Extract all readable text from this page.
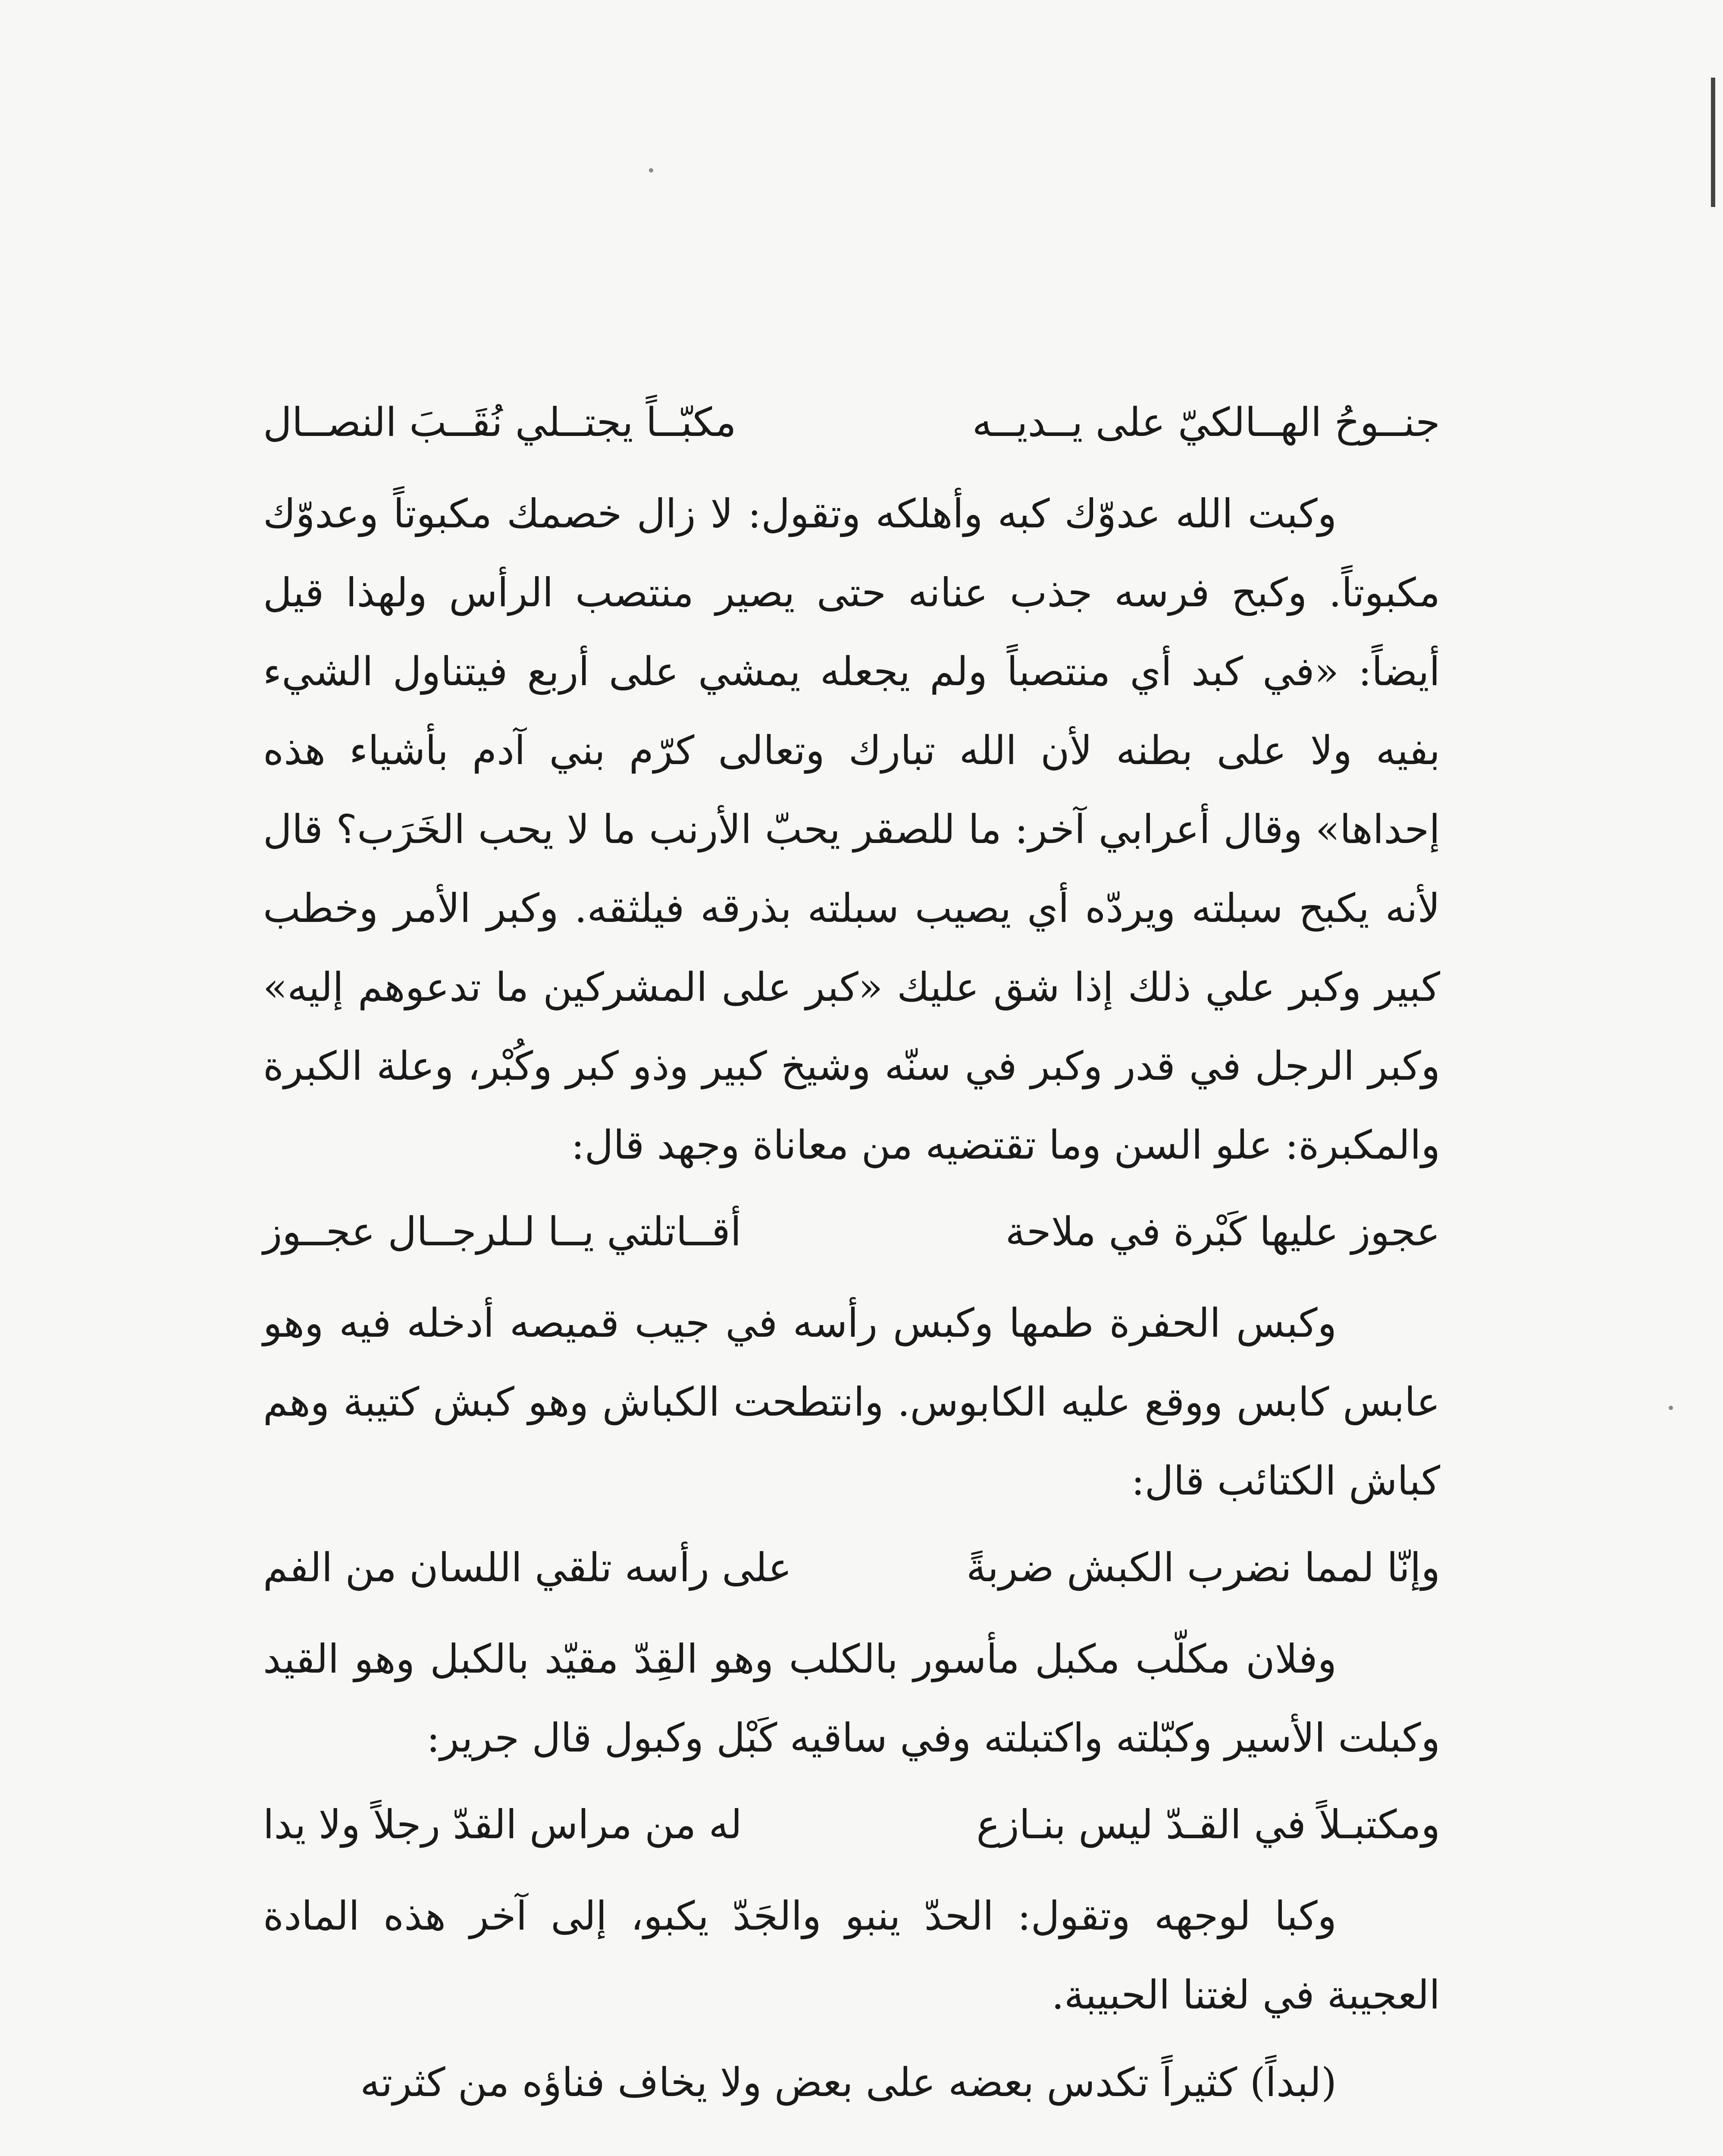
جنــوحُ الهــالكيّ على يــديــه
مكبّــاً يجتــلي نُقَــبَ النصــال

وكبت الله عدوّك كبه وأهلكه وتقول: لا زال خصمك مكبوتاً وعدوّك مكبوتاً. وكبح فرسه جذب عنانه حتى يصير منتصب الرأس ولهذا قيل أيضاً: «في كبد أي منتصباً ولم يجعله يمشي على أربع فيتناول الشيء بفيه ولا على بطنه لأن الله تبارك وتعالى كرّم بني آدم بأشياء هذه إحداها» وقال أعرابي آخر: ما للصقر يحبّ الأرنب ما لا يحب الخَرَب؟ قال لأنه يكبح سبلته ويردّه أي يصيب سبلته بذرقه فيلثقه. وكبر الأمر وخطب كبير وكبر علي ذلك إذا شق عليك «كبر على المشركين ما تدعوهم إليه» وكبر الرجل في قدر وكبر في سنّه وشيخ كبير وذو كبر وكُبْر، وعلة الكبرة والمكبرة: علو السن وما تقتضيه من معاناة وجهد قال:

عجوز عليها كَبْرة في ملاحة
أقــاتلتي يــا لـلرجــال عجــوز

وكبس الحفرة طمها وكبس رأسه في جيب قميصه أدخله فيه وهو عابس كابس ووقع عليه الكابوس. وانتطحت الكباش وهو كبش كتيبة وهم كباش الكتائب قال:

وإنّا لمما نضرب الكبش ضربةً
على رأسه تلقي اللسان من الفم

وفلان مكلّب مكبل مأسور بالكلب وهو القِدّ مقيّد بالكبل وهو القيد وكبلت الأسير وكبّلته واكتبلته وفي ساقيه كَبْل وكبول قال جرير:

ومكتبـلاً في القـدّ ليس بنـازع
له من مراس القدّ رجلاً ولا يدا

وكبا لوجهه وتقول: الحدّ ينبو والجَدّ يكبو، إلى آخر هذه المادة العجيبة في لغتنا الحبيبة.

(لبداً) كثيراً تكدس بعضه على بعض ولا يخاف فناؤه من كثرته
